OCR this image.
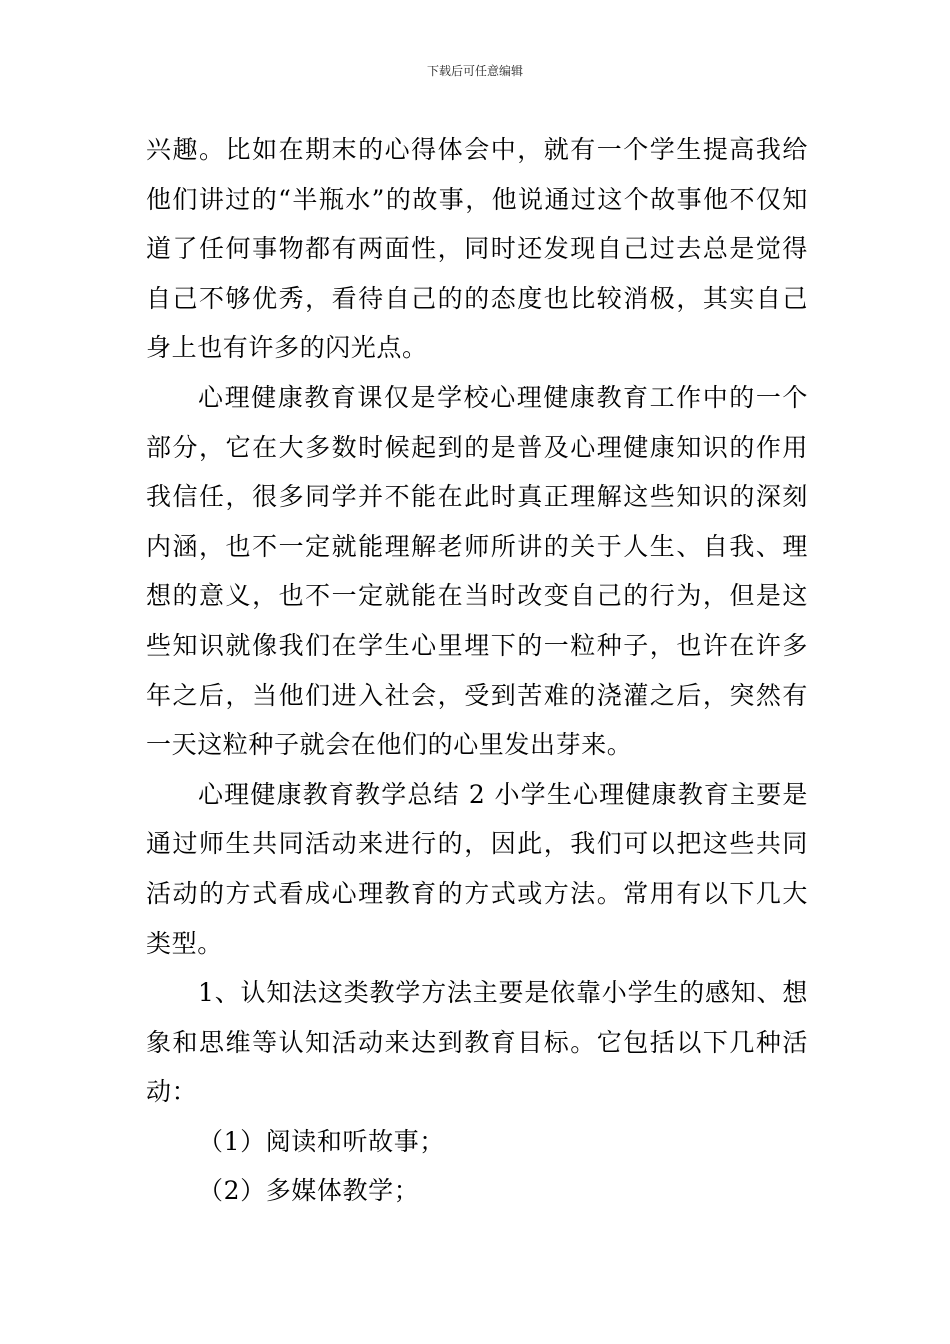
下载后可任意编辑

兴趣。比如在期末的心得体会中，就有一个学生提高我给他们讲过的“半瓶水”的故事，他说通过这个故事他不仅知道了任何事物都有两面性，同时还发现自己过去总是觉得自己不够优秀，看待自己的的态度也比较消极，其实自己身上也有许多的闪光点。

心理健康教育课仅是学校心理健康教育工作中的一个部分，它在大多数时候起到的是普及心理健康知识的作用我信任，很多同学并不能在此时真正理解这些知识的深刻内涵，也不一定就能理解老师所讲的关于人生、自我、理想的意义，也不一定就能在当时改变自己的行为，但是这些知识就像我们在学生心里埋下的一粒种子，也许在许多年之后，当他们进入社会，受到苦难的浇灌之后，突然有一天这粒种子就会在他们的心里发出芽来。

心理健康教育教学总结 2 小学生心理健康教育主要是通过师生共同活动来进行的，因此，我们可以把这些共同活动的方式看成心理教育的方式或方法。常用有以下几大类型。

1、认知法这类教学方法主要是依靠小学生的感知、想象和思维等认知活动来达到教育目标。它包括以下几种活动：

（1）阅读和听故事；

（2）多媒体教学；
